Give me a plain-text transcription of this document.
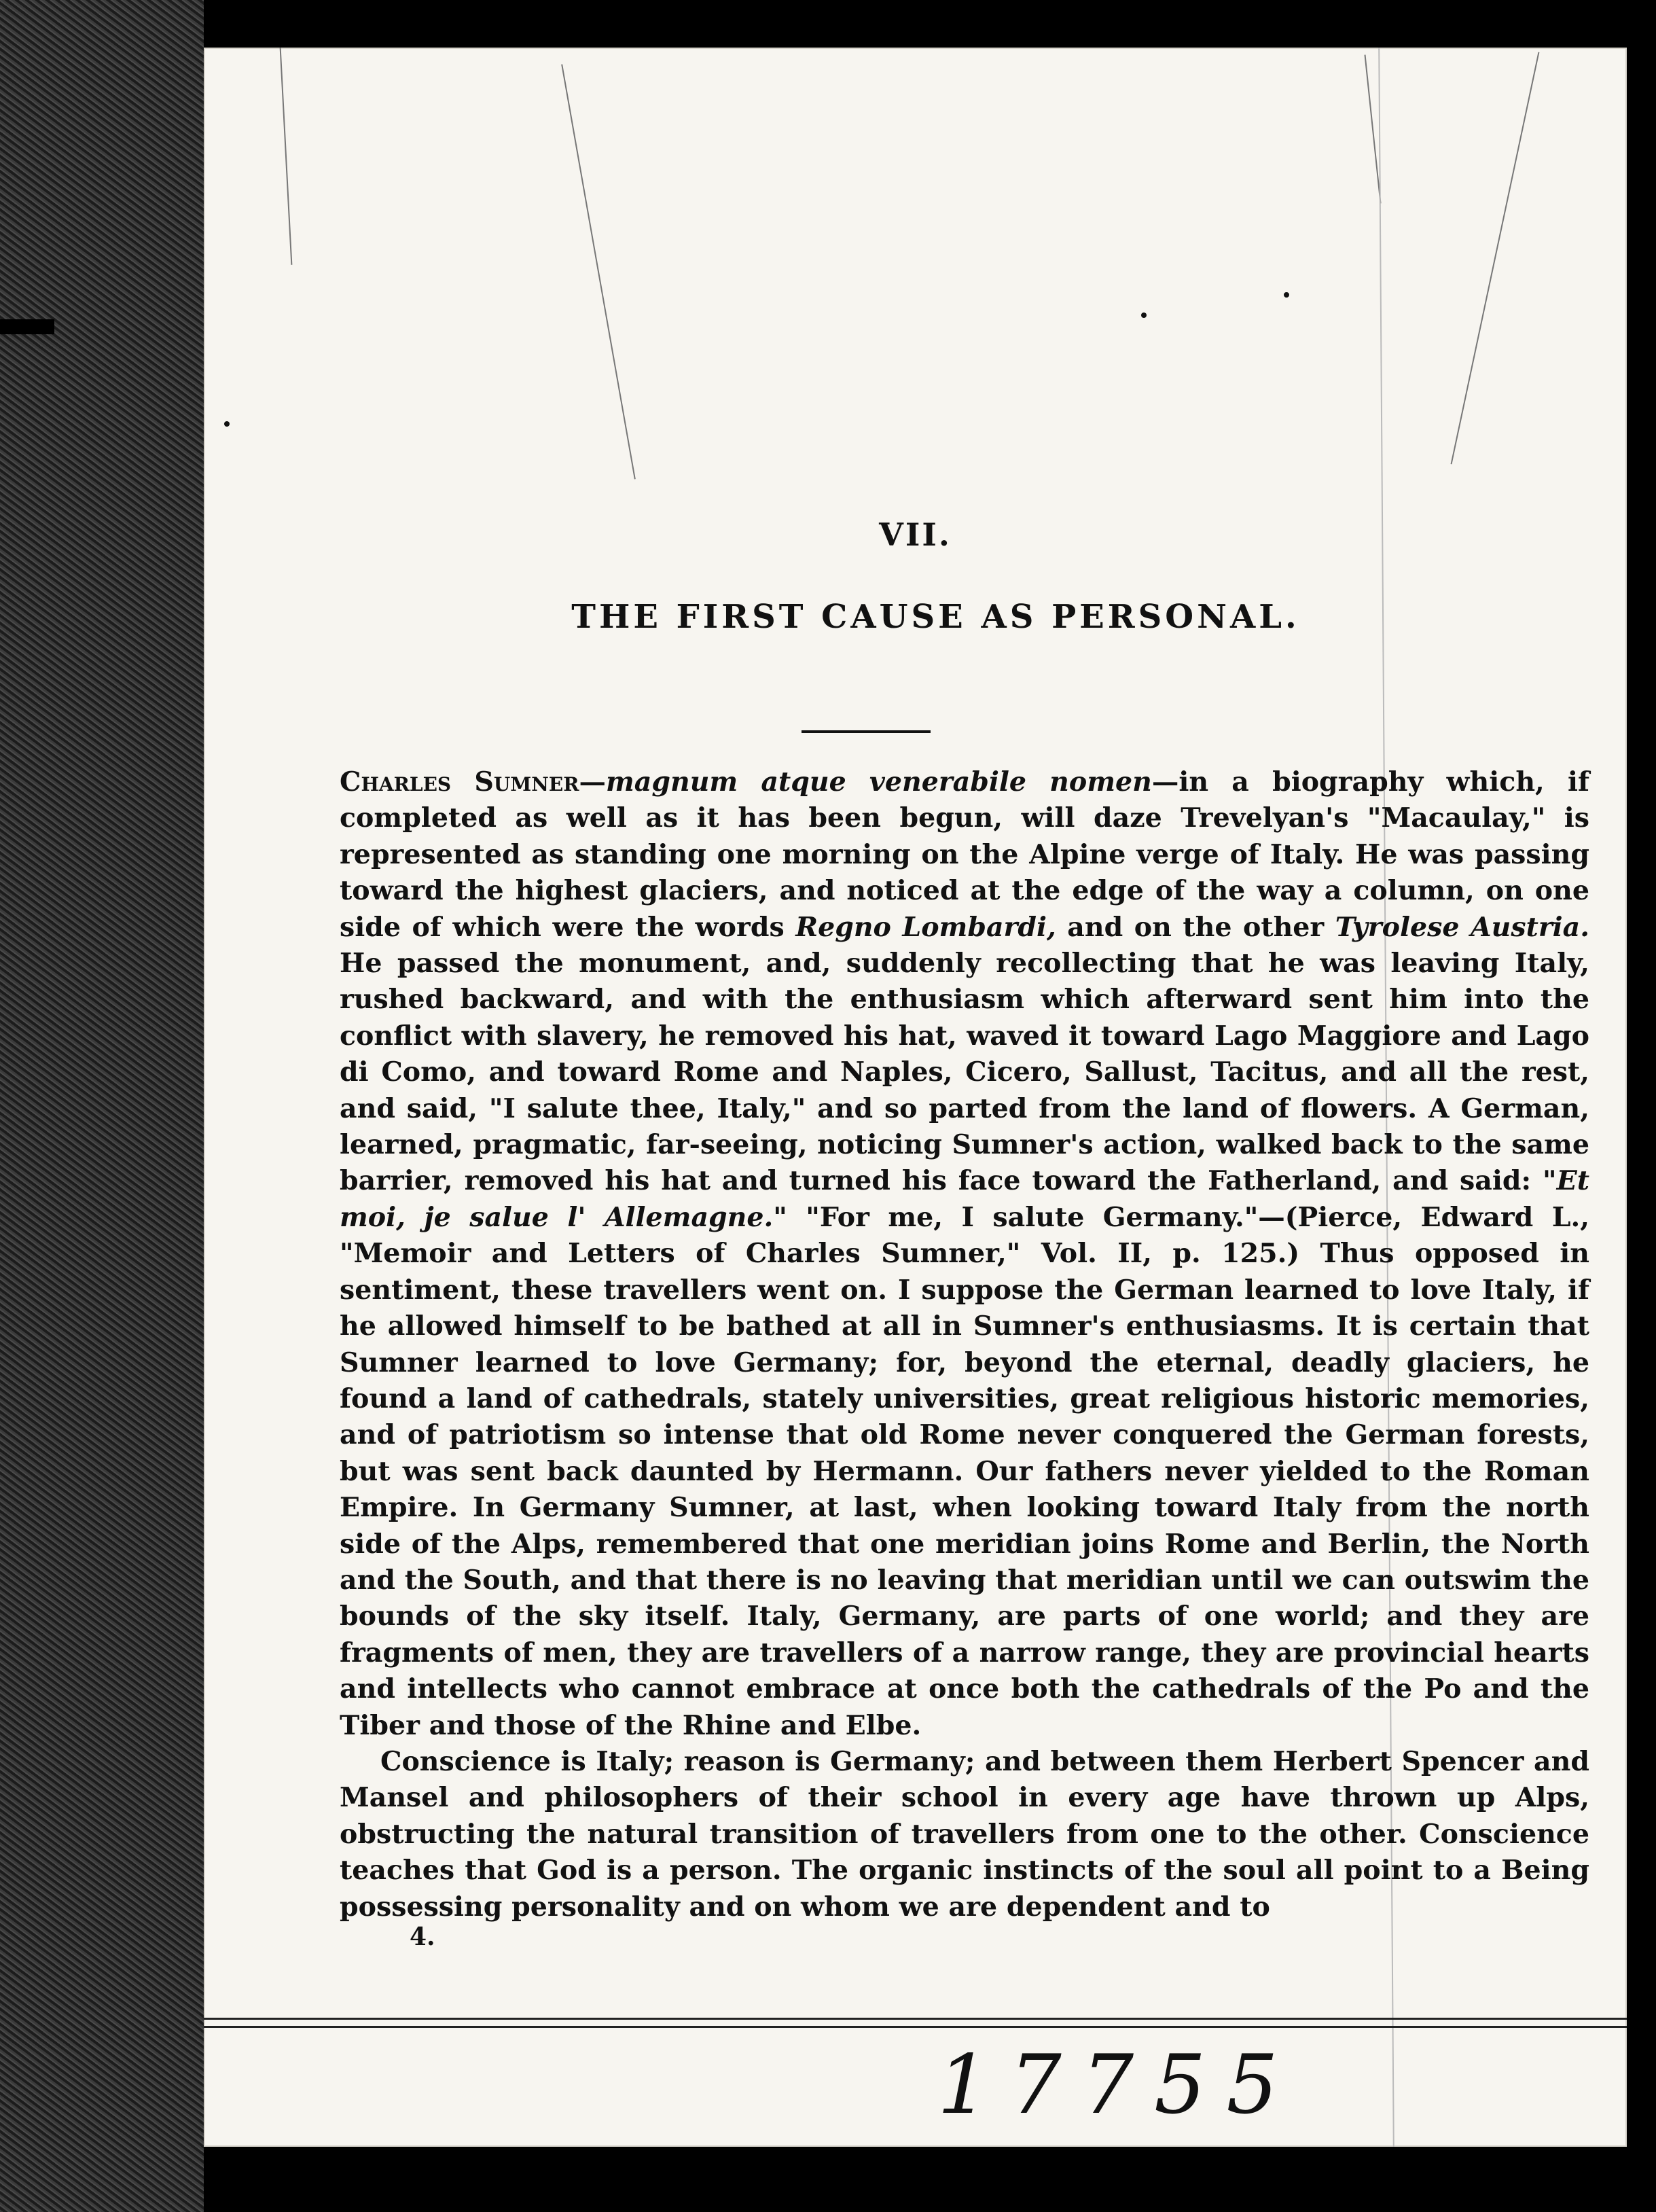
VII.
THE FIRST CAUSE AS PERSONAL.

Charles Sumner—magnum atque venerabile nomen—in a biography which, if completed as well as it has been begun, will daze Trevelyan's "Macaulay," is represented as standing one morning on the Alpine verge of Italy. He was passing toward the highest glaciers, and noticed at the edge of the way a column, on one side of which were the words Regno Lombardi, and on the other Tyrolese Austria. He passed the monument, and, suddenly recollecting that he was leaving Italy, rushed backward, and with the enthusiasm which afterward sent him into the conflict with slavery, he removed his hat, waved it toward Lago Maggiore and Lago di Como, and toward Rome and Naples, Cicero, Sallust, Tacitus, and all the rest, and said, "I salute thee, Italy," and so parted from the land of flowers. A German, learned, pragmatic, far-seeing, noticing Sumner's action, walked back to the same barrier, removed his hat and turned his face toward the Fatherland, and said: "Et moi, je salue l' Allemagne." "For me, I salute Germany."—(Pierce, Edward L., "Memoir and Letters of Charles Sumner," Vol. II, p. 125.) Thus opposed in sentiment, these travellers went on. I suppose the German learned to love Italy, if he allowed himself to be bathed at all in Sumner's enthusiasms. It is certain that Sumner learned to love Germany; for, beyond the eternal, deadly glaciers, he found a land of cathedrals, stately universities, great religious historic memories, and of patriotism so intense that old Rome never conquered the German forests, but was sent back daunted by Hermann. Our fathers never yielded to the Roman Empire. In Germany Sumner, at last, when looking toward Italy from the north side of the Alps, remembered that one meridian joins Rome and Berlin, the North and the South, and that there is no leaving that meridian until we can outswim the bounds of the sky itself. Italy, Germany, are parts of one world; and they are fragments of men, they are travellers of a narrow range, they are provincial hearts and intellects who cannot embrace at once both the cathedrals of the Po and the Tiber and those of the Rhine and Elbe.

Conscience is Italy; reason is Germany; and between them Herbert Spencer and Mansel and philosophers of their school in every age have thrown up Alps, obstructing the natural transition of travellers from one to the other. Conscience teaches that God is a person. The organic instincts of the soul all point to a Being possessing personality and on whom we are dependent and to

4.
17755
